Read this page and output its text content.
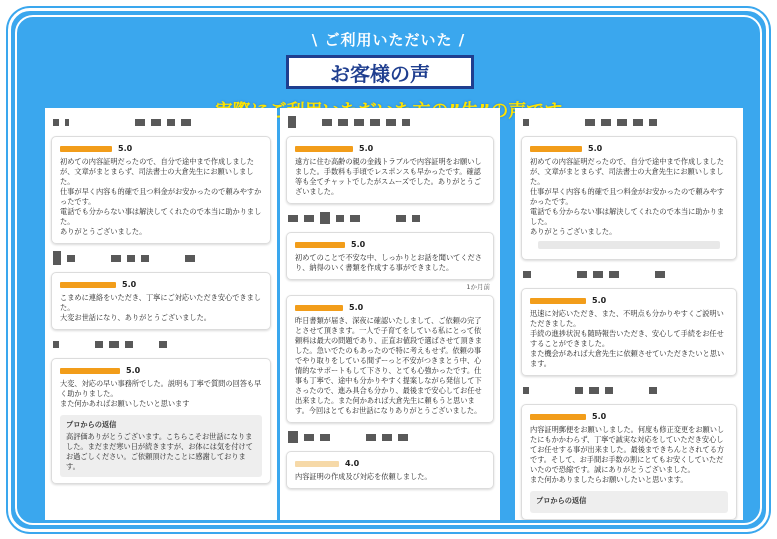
\ ご利用いただいた /
お客様の声
5.0
初めての内容証明だったので、自分で途中まで作成しましたが、文章がまとまらず、司法書士の大倉先生にお願いしました。
仕事が早く内容も的確で且つ料金がお安かったので頼みやすかったです。
電話でも分からない事は解決してくれたので本当に助かりました。
ありがとうございました。
5.0
こまめに連絡をいただき、丁寧にご対応いただき安心できました。
大変お世話になり、ありがとうございました。
5.0
大変、対応の早い事務所でした。説明も丁寧で質問の回答も早く助かりました。
また何かあればお願いしたいと思います
プロからの返信
高評価ありがとうございます。こちらこそお世話になりました。まだまだ寒い日が続きますが、お体には気を付けてお過ごしください。ご依頼頂けたことに感謝しております。
5.0
遠方に住む高齢の親の金銭トラブルで内容証明をお願いしました。手数料も手頃でレスポンスも早かったです。確認等も全てチャットでしたがスムーズでした。ありがとうございました。
5.0
初めてのことで不安な中、しっかりとお話を聞いてくださり、納得のいく書類を作成する事ができました。
1か月前
5.0
昨日書類が届き、深夜に確認いたしまして、ご依頼の完了とさせて頂きます。一人で子育てをしている私にとって依頼料は最大の問題であり、正直お値段で選ばさせて頂きました。急いでたのもあったので特に考えもせず。依頼の事でやり取りをしている間ずーっと不安がつきまとう中、心情的なサポートもして下さり、とても心強かったです。仕事も丁寧で、途中も分かりやすく提案しながら発信して下さったので、進み具合も分かり、最後まで安心してお任せ出来ました。また何かあれば大倉先生に頼もうと思います。今回はとてもお世話になりありがとうございました。
4.0
内容証明の作成及び対応を依頼しました。
5.0
初めての内容証明だったので、自分で途中まで作成しましたが、文章がまとまらず、司法書士の大倉先生にお願いしました。
仕事が早く内容も的確で且つ料金がお安かったので頼みやすかったです。
電話でも分からない事は解決してくれたので本当に助かりました。
ありがとうございました。
5.0
迅速に対応いただき、また、不明点も分かりやすくご説明いただきました。
手続の進捗状況も随時報告いただき、安心して手続をお任せすることができました。
また機会があれば大倉先生に依頼させていただきたいと思います。
5.0
内容証明郵便をお願いしました。何度も修正変更をお願いしたにもかかわらず、丁寧で誠実な対応をしていただき安心してお任せする事が出来ました。最後まできちんとされてる方です。そして、お手間お手数の割にとてもお安くしていただいたので恐縮です。誠にありがとうございました。
また何かありましたらお願いしたいと思います。
プロからの返信
